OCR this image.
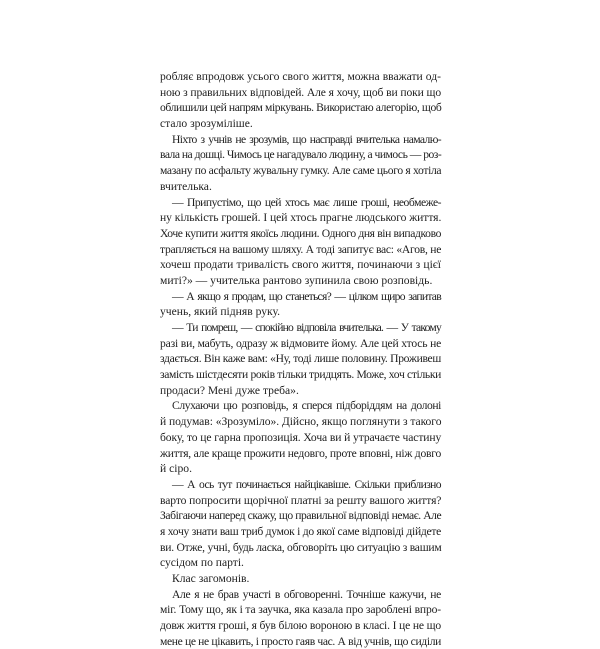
робляє впродовж усього свого життя, можна вважати од-
ною з правильних відповідей. Але я хочу, щоб ви поки що
облишили цей напрям міркувань. Використаю алегорію, щоб
стало зрозуміліше.
Ніхто з учнів не зрозумів, що насправді вчителька намалю-
вала на дошці. Чимось це нагадувало людину, а чимось — роз-
мазану по асфальту жувальну гумку. Але саме цього я хотіла
вчителька.
— Припустімо, що цей хтось має лише гроші, необмеже-
ну кількість грошей. І цей хтось прагне людського життя.
Хоче купити життя якоїсь людини. Одного дня він випадково
трапляється на вашому шляху. А тоді запитує вас: «Агов, не
хочеш продати тривалість свого життя, починаючи з цієї
миті?» — учителька рантово зупинила свою розповідь.
— А якщо я продам, що станеться? — цілком щиро запитав
учень, який підняв руку.
— Ти помреш, — спокійно відповіла вчителька. — У такому
разі ви, мабуть, одразу ж відмовите йому. Але цей хтось не
здається. Він каже вам: «Ну, тоді лише половину. Проживеш
замість шістдесяти років тільки тридцять. Може, хоч стільки
продаси? Мені дуже треба».
Слухаючи цю розповідь, я сперся підборіддям на долоні
й подумав: «Зрозуміло». Дійсно, якщо поглянути з такого
боку, то це гарна пропозиція. Хоча ви й утрачаєте частину
життя, але краще прожити недовго, проте вповні, ніж довго
й сіро.
— А ось тут починається найцікавіше. Скільки приблизно
варто попросити щорічної платні за решту вашого життя?
Забігаючи наперед скажу, що правильної відповіді немає. Але
я хочу знати ваш триб думок і до якої саме відповіді дійдете
ви. Отже, учні, будь ласка, обговоріть цю ситуацію з вашим
сусідом по парті.
Клас загомонів.
Але я не брав участі в обговоренні. Точніше кажучи, не
міг. Тому що, як і та заучка, яка казала про зароблені впро-
довж життя гроші, я був білою вороною в класі. І це не що
мене це не цікавить, і просто гаяв час. А від учнів, що сиділи
